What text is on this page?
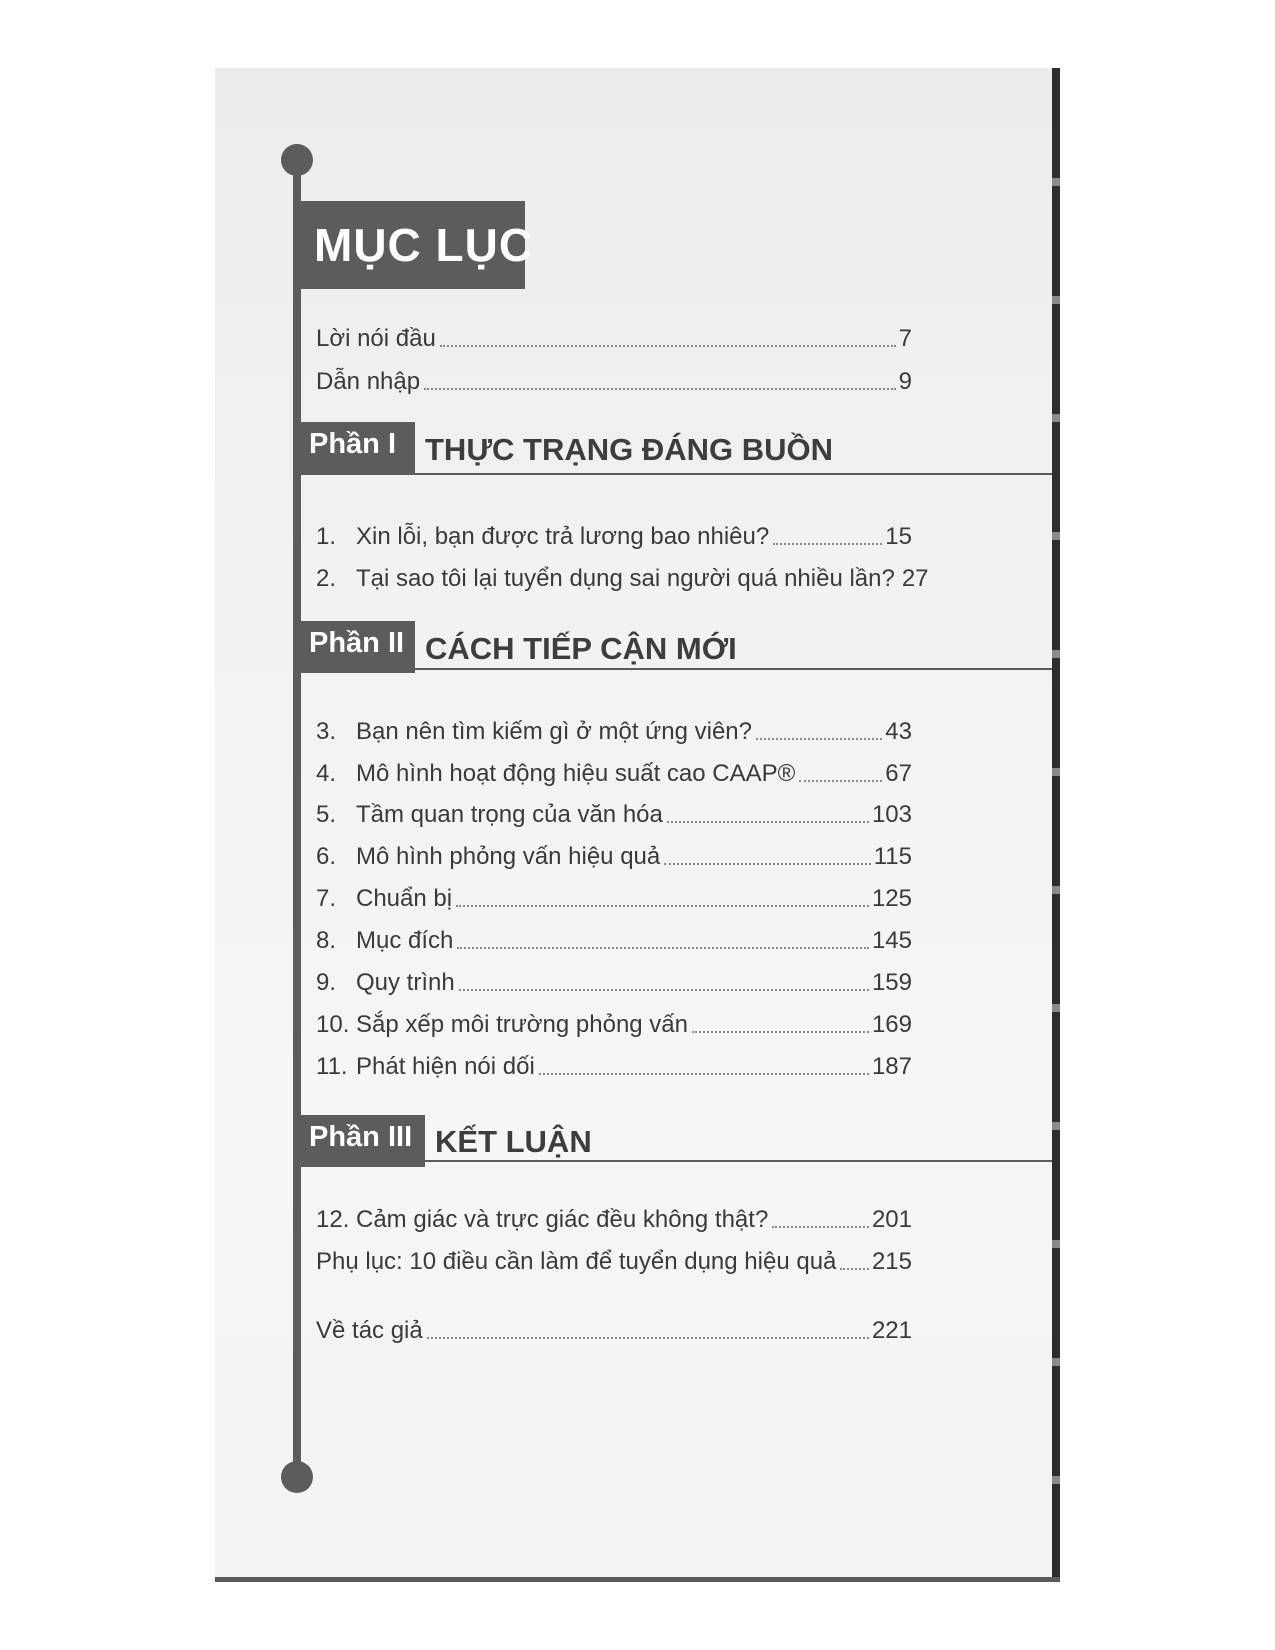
MỤC LỤC
Lời nói đầu	7
Dẫn nhập	9
Phần I THỰC TRẠNG ĐÁNG BUỒN
1. Xin lỗi, bạn được trả lương bao nhiêu?	15
2. Tại sao tôi lại tuyển dụng sai người quá nhiều lần? 27
Phần II CÁCH TIẾP CẬN MỚI
3. Bạn nên tìm kiếm gì ở một ứng viên?	43
4. Mô hình hoạt động hiệu suất cao CAAP®	67
5. Tầm quan trọng của văn hóa	103
6. Mô hình phỏng vấn hiệu quả	115
7. Chuẩn bị	125
8. Mục đích	145
9. Quy trình	159
10. Sắp xếp môi trường phỏng vấn	169
11. Phát hiện nói dối	187
Phần III KẾT LUẬN
12. Cảm giác và trực giác đều không thật?	201
Phụ lục: 10 điều cần làm để tuyển dụng hiệu quả 215
Về tác giả	221
